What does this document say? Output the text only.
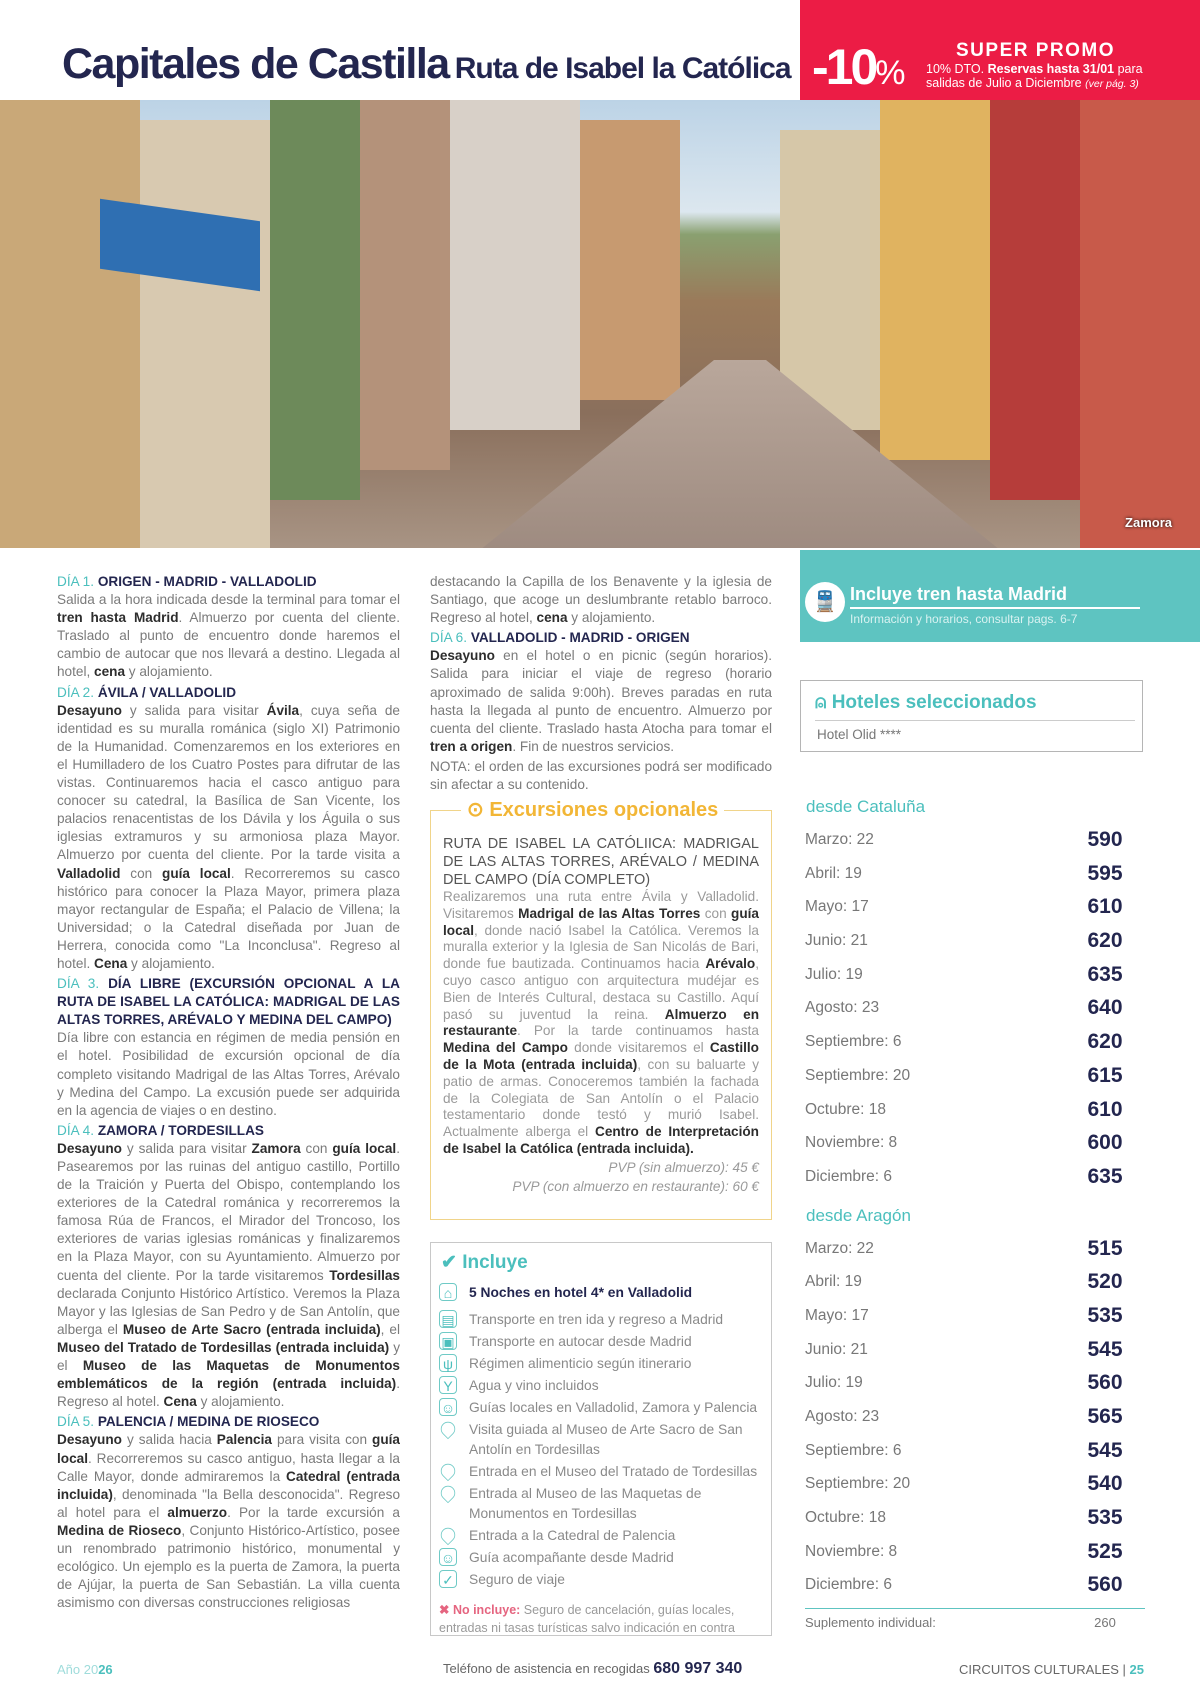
Capitales de Castilla Ruta de Isabel la Católica -10%
SUPER PROMO
10% DTO. Reservas hasta 31/01 para
salidas de Julio a Diciembre (ver pág. 3)
Zamora
DÍA 1. ORIGEN - MADRID - VALLADOLID

Salida a la hora indicada desde la terminal para tomar el tren hasta Madrid. Almuerzo por cuenta del cliente. Traslado al punto de encuentro donde haremos el cambio de autocar que nos llevará a destino. Llegada al hotel, cena y alojamiento.

DÍA 2. ÁVILA / VALLADOLID

Desayuno y salida para visitar Ávila, cuya seña de identidad es su muralla románica (siglo XI) Patrimonio de la Humanidad. Comenzaremos en los exteriores en el Humilladero de los Cuatro Postes para difrutar de las vistas. Continuaremos hacia el casco antiguo para conocer su catedral, la Basílica de San Vicente, los palacios renacentistas de los Dávila y los Águila o sus iglesias extramuros y su armoniosa plaza Mayor. Almuerzo por cuenta del cliente. Por la tarde visita a Valladolid con guía local. Recorreremos su casco histórico para conocer la Plaza Mayor, primera plaza mayor rectangular de España; el Palacio de Villena; la Universidad; o la Catedral diseñada por Juan de Herrera, conocida como "La Inconclusa". Regreso al hotel. Cena y alojamiento.

DÍA 3. DÍA LIBRE (EXCURSIÓN OPCIONAL A LA RUTA DE ISABEL LA CATÓLICA: MADRIGAL DE LAS ALTAS TORRES, ARÉVALO Y MEDINA DEL CAMPO)

Día libre con estancia en régimen de media pensión en el hotel. Posibilidad de excursión opcional de día completo visitando Madrigal de las Altas Torres, Arévalo y Medina del Campo. La excusión puede ser adquirida en la agencia de viajes o en destino.

DÍA 4. ZAMORA / TORDESILLAS

Desayuno y salida para visitar Zamora con guía local. Pasearemos por las ruinas del antiguo castillo, Portillo de la Traición y Puerta del Obispo, contemplando los exteriores de la Catedral románica y recorreremos la famosa Rúa de Francos, el Mirador del Troncoso, los exteriores de varias iglesias románicas y finalizaremos en la Plaza Mayor, con su Ayuntamiento. Almuerzo por cuenta del cliente. Por la tarde visitaremos Tordesillas declarada Conjunto Histórico Artístico. Veremos la Plaza Mayor y las Iglesias de San Pedro y de San Antolín, que alberga el Museo de Arte Sacro (entrada incluida), el Museo del Tratado de Tordesillas (entrada incluida) y el Museo de las Maquetas de Monumentos emblemáticos de la región (entrada incluida). Regreso al hotel. Cena y alojamiento.

DÍA 5. PALENCIA / MEDINA DE RIOSECO

Desayuno y salida hacia Palencia para visita con guía local. Recorreremos su casco antiguo, hasta llegar a la Calle Mayor, donde admiraremos la Catedral (entrada incluida), denominada "la Bella desconocida". Regreso al hotel para el almuerzo. Por la tarde excursión a Medina de Rioseco, Conjunto Histórico-Artístico, posee un renombrado patrimonio histórico, monumental y ecológico. Un ejemplo es la puerta de Zamora, la puerta de Ajújar, la puerta de San Sebastián. La villa cuenta asimismo con diversas construcciones religiosas

destacando la Capilla de los Benavente y la iglesia de Santiago, que acoge un deslumbrante retablo barroco. Regreso al hotel, cena y alojamiento.

DÍA 6. VALLADOLID - MADRID - ORIGEN

Desayuno en el hotel o en picnic (según horarios). Salida para iniciar el viaje de regreso (horario aproximado de salida 9:00h). Breves paradas en ruta hasta la llegada al punto de encuentro. Almuerzo por cuenta del cliente. Traslado hasta Atocha para tomar el tren a origen. Fin de nuestros servicios.

NOTA: el orden de las excursiones podrá ser modificado sin afectar a su contenido.

⊙ Excursiones opcionales
RUTA DE ISABEL LA CATÓLIICA: MADRIGAL DE LAS ALTAS TORRES, ARÉVALO / MEDINA DEL CAMPO (DÍA COMPLETO)
Realizaremos una ruta entre Ávila y Valladolid. Visitaremos Madrigal de las Altas Torres con guía local, donde nació Isabel la Católica. Veremos la muralla exterior y la Iglesia de San Nicolás de Bari, donde fue bautizada. Continuamos hacia Arévalo, cuyo casco antiguo con arquitectura mudéjar es Bien de Interés Cultural, destaca su Castillo. Aquí pasó su juventud la reina. Almuerzo en restaurante. Por la tarde continuamos hasta Medina del Campo donde visitaremos el Castillo de la Mota (entrada incluida), con su baluarte y patio de armas. Conoceremos también la fachada de la Colegiata de San Antolín o el Palacio testamentario donde testó y murió Isabel. Actualmente alberga el Centro de Interpretación de Isabel la Católica (entrada incluida).
PVP (sin almuerzo): 45 €
PVP (con almuerzo en restaurante): 60 €
✔ Incluye
⌂	5 Noches en hotel 4* en Valladolid
▤ Transporte en tren ida y regreso a Madrid
▣ Transporte en autocar desde Madrid
ψ Régimen alimenticio según itinerario
Y	Agua y vino incluidos
☺ Guías locales en Valladolid, Zamora y Palencia
Visita guiada al Museo de Arte Sacro de San Antolín en Tordesillas
Entrada en el Museo del Tratado de Tordesillas
Entrada al Museo de las Maquetas de Monumentos en Tordesillas
Entrada a la Catedral de Palencia
☺ Guía acompañante desde Madrid
✓ Seguro de viaje
✖ No incluye: Seguro de cancelación, guías locales, entradas ni tasas turísticas salvo indicación en contra
🚆 Incluye tren hasta Madrid
Información y horarios, consultar pags. 6-7
⍝ Hoteles seleccionados
Hotel Olid ****
desde Cataluña
Marzo: 22	590
Abril: 19	595
Mayo: 17	610
Junio: 21	620
Julio: 19	635
Agosto: 23	640
Septiembre: 6	620
Septiembre: 20	615
Octubre: 18	610
Noviembre: 8	600
Diciembre: 6	635
desde Aragón
Marzo: 22	515
Abril: 19	520
Mayo: 17	535
Junio: 21	545
Julio: 19	560
Agosto: 23	565
Septiembre: 6	545
Septiembre: 20	540
Octubre: 18	535
Noviembre: 8	525
Diciembre: 6	560
Suplemento individual:	260
Año 2026	Teléfono de asistencia en recogidas 680 997 340	CIRCUITOS CULTURALES | 25
